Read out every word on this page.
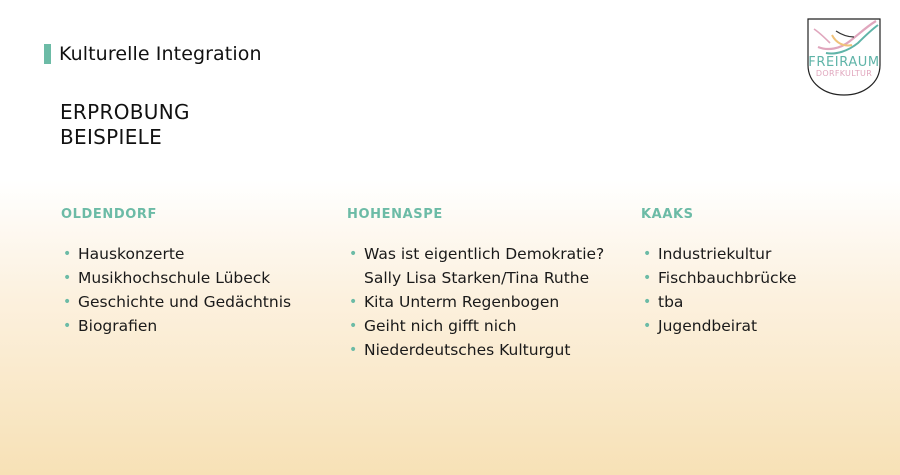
Kulturelle Integration
ERPROBUNG
BEISPIELE
FREIRAUM
DORFKULTUR
OLDENDORF
• Hauskonzerte
• Musikhochschule Lübeck
• Geschichte und Gedächtnis
• Biografien
HOHENASPE
• Was ist eigentlich Demokratie?
Sally Lisa Starken/Tina Ruthe
• Kita Unterm Regenbogen
• Geiht nich gifft nich
• Niederdeutsches Kulturgut
KAAKS
• Industriekultur
• Fischbauchbrücke
• tba
• Jugendbeirat
